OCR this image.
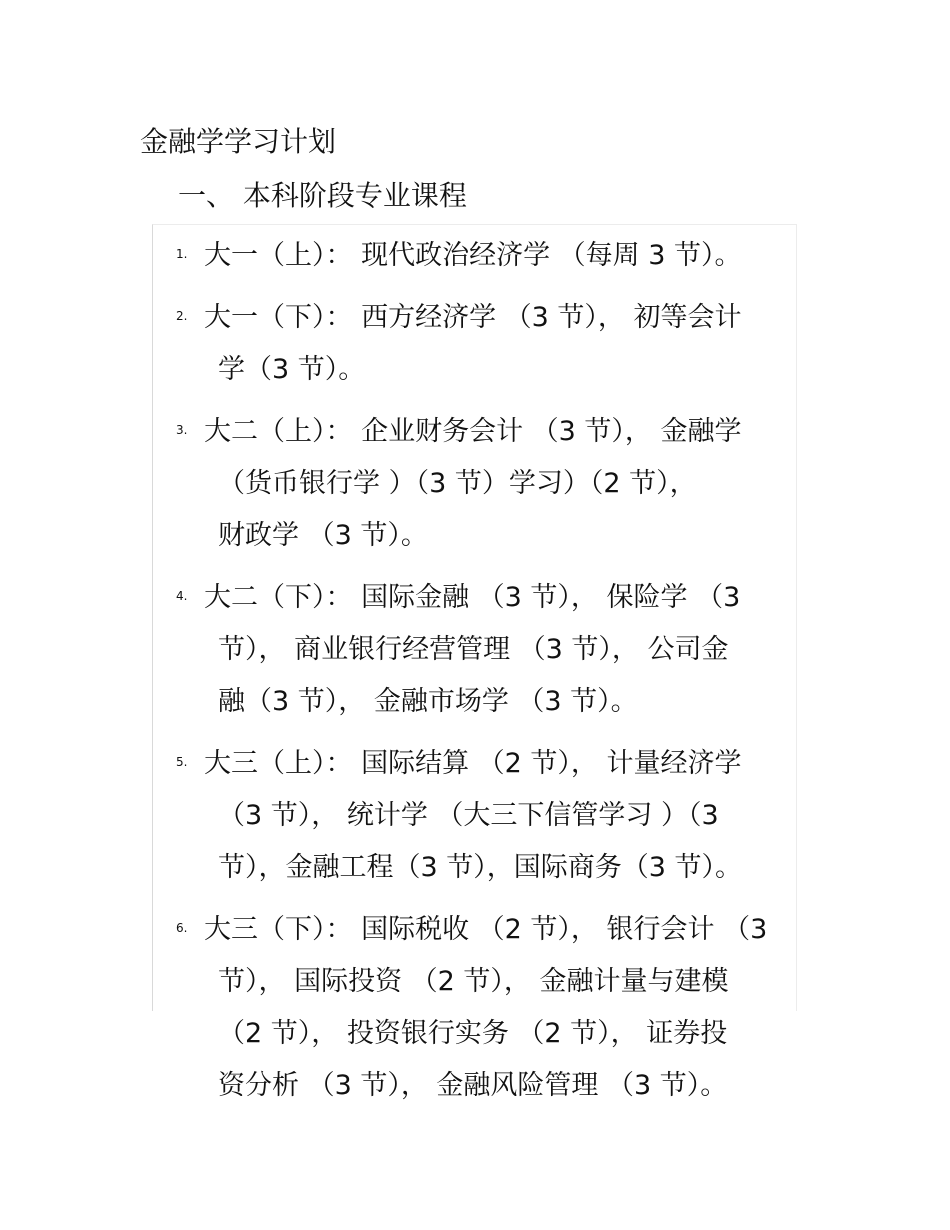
金融学学习计划
一、 本科阶段专业课程
1. 大一（上）： 现代政治经济学 （每周 3 节）。
2. 大一（下）： 西方经济学 （3 节）， 初等会计
学（3 节）。
3. 大二（上）： 企业财务会计 （3 节）， 金融学
（货币银行学 ）（3 节）学习）（2 节），
财政学 （3 节）。
4. 大二（下）： 国际金融 （3 节）， 保险学 （3
节）， 商业银行经营管理 （3 节）， 公司金
融（3 节）， 金融市场学 （3 节）。
5. 大三（上）： 国际结算 （2 节）， 计量经济学
（3 节）， 统计学 （大三下信管学习 ）（3
节），金融工程（3 节），国际商务（3 节）。
6. 大三（下）： 国际税收 （2 节）， 银行会计 （3
节）， 国际投资 （2 节）， 金融计量与建模
（2 节）， 投资银行实务 （2 节）， 证券投
资分析 （3 节）， 金融风险管理 （3 节）。
